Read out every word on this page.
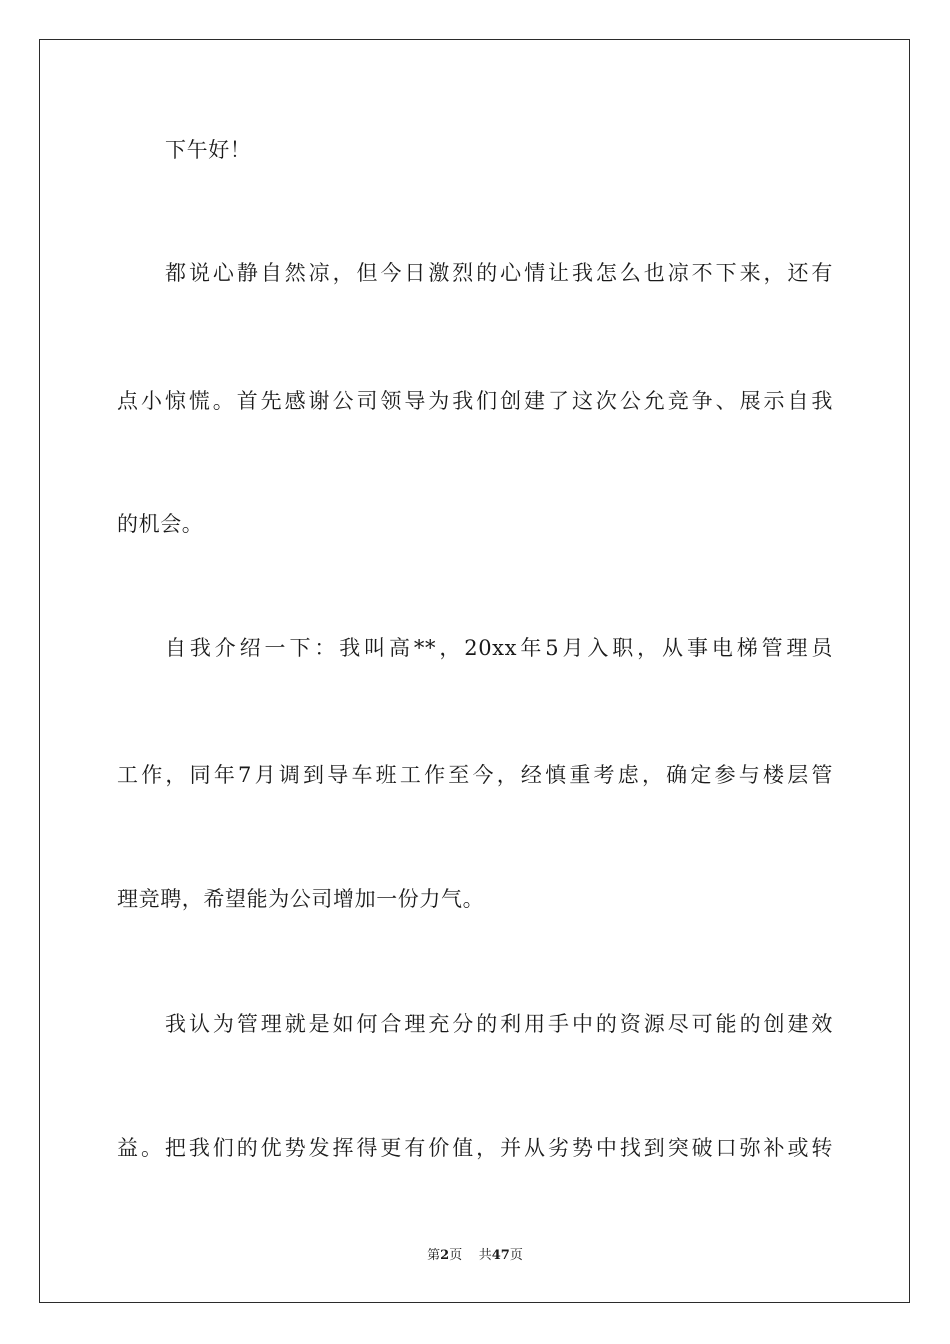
下午好！
都说心静自然凉，但今日激烈的心情让我怎么也凉不下来，还有
点小惊慌。首先感谢公司领导为我们创建了这次公允竞争、展示自我
的机会。
自我介绍一下：我叫高**，20xx年5月入职，从事电梯管理员
工作，同年7月调到导车班工作至今，经慎重考虑，确定参与楼层管
理竞聘，希望能为公司增加一份力气。
我认为管理就是如何合理充分的利用手中的资源尽可能的创建效
益。把我们的优势发挥得更有价值，并从劣势中找到突破口弥补或转
第2页 共47页
